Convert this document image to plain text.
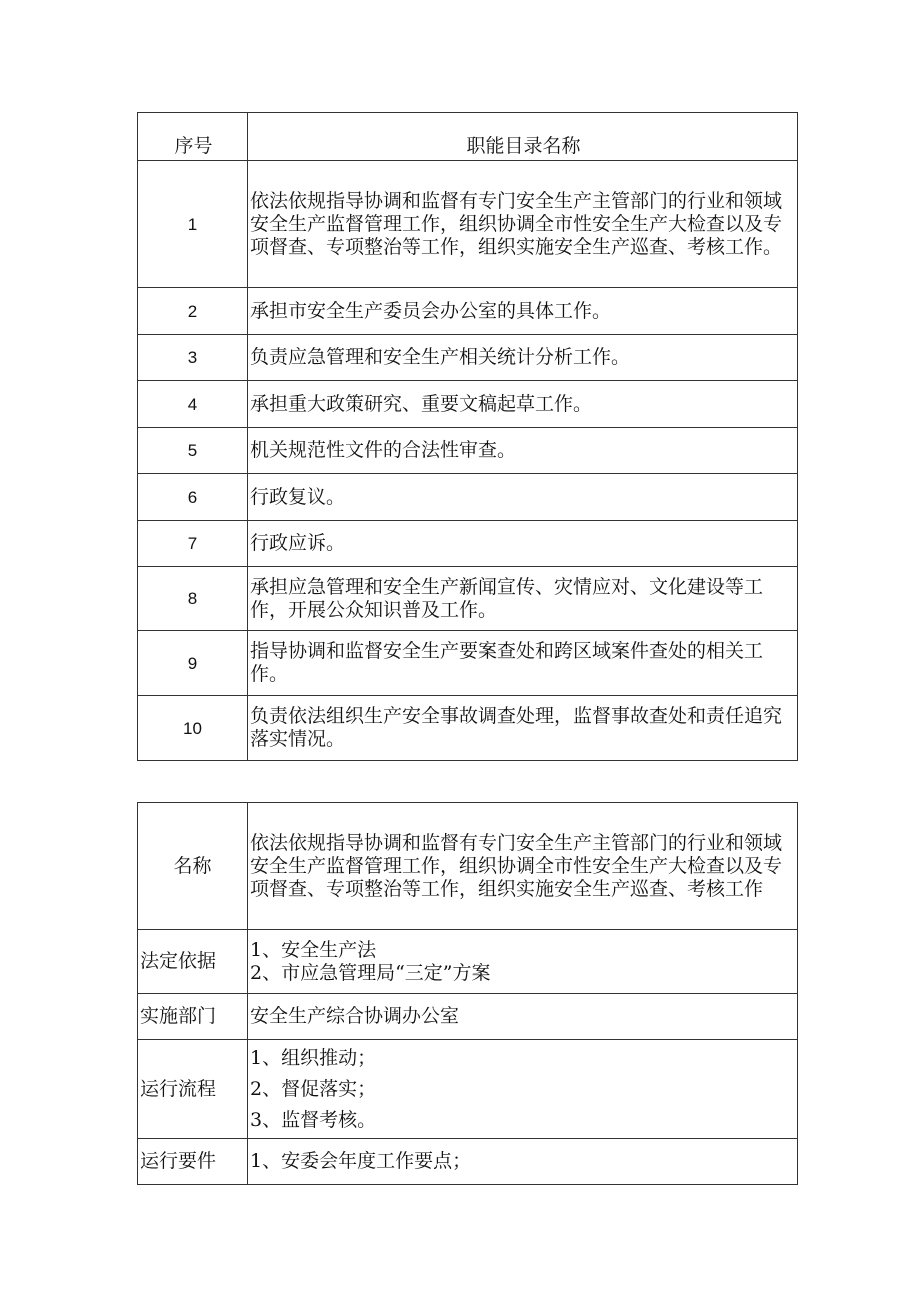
序号	职能目录名称
1	依法依规指导协调和监督有专门安全生产主管部门的行业和领域安全生产监督管理工作，组织协调全市性安全生产大检查以及专项督查、专项整治等工作，组织实施安全生产巡查、考核工作。
2	承担市安全生产委员会办公室的具体工作。
3	负责应急管理和安全生产相关统计分析工作。
4	承担重大政策研究、重要文稿起草工作。
5	机关规范性文件的合法性审查。
6	行政复议。
7	行政应诉。
8	承担应急管理和安全生产新闻宣传、灾情应对、文化建设等工作，开展公众知识普及工作。
9	指导协调和监督安全生产要案查处和跨区域案件查处的相关工作。
10	负责依法组织生产安全事故调查处理，监督事故查处和责任追究落实情况。
名称	依法依规指导协调和监督有专门安全生产主管部门的行业和领域安全生产监督管理工作，组织协调全市性安全生产大检查以及专项督查、专项整治等工作，组织实施安全生产巡查、考核工作
法定依据	1、安全生产法
2、市应急管理局“三定”方案

实施部门	安全生产综合协调办公室
运行流程	1、组织推动；
2、督促落实；
3、监督考核。

运行要件	1、安委会年度工作要点；
